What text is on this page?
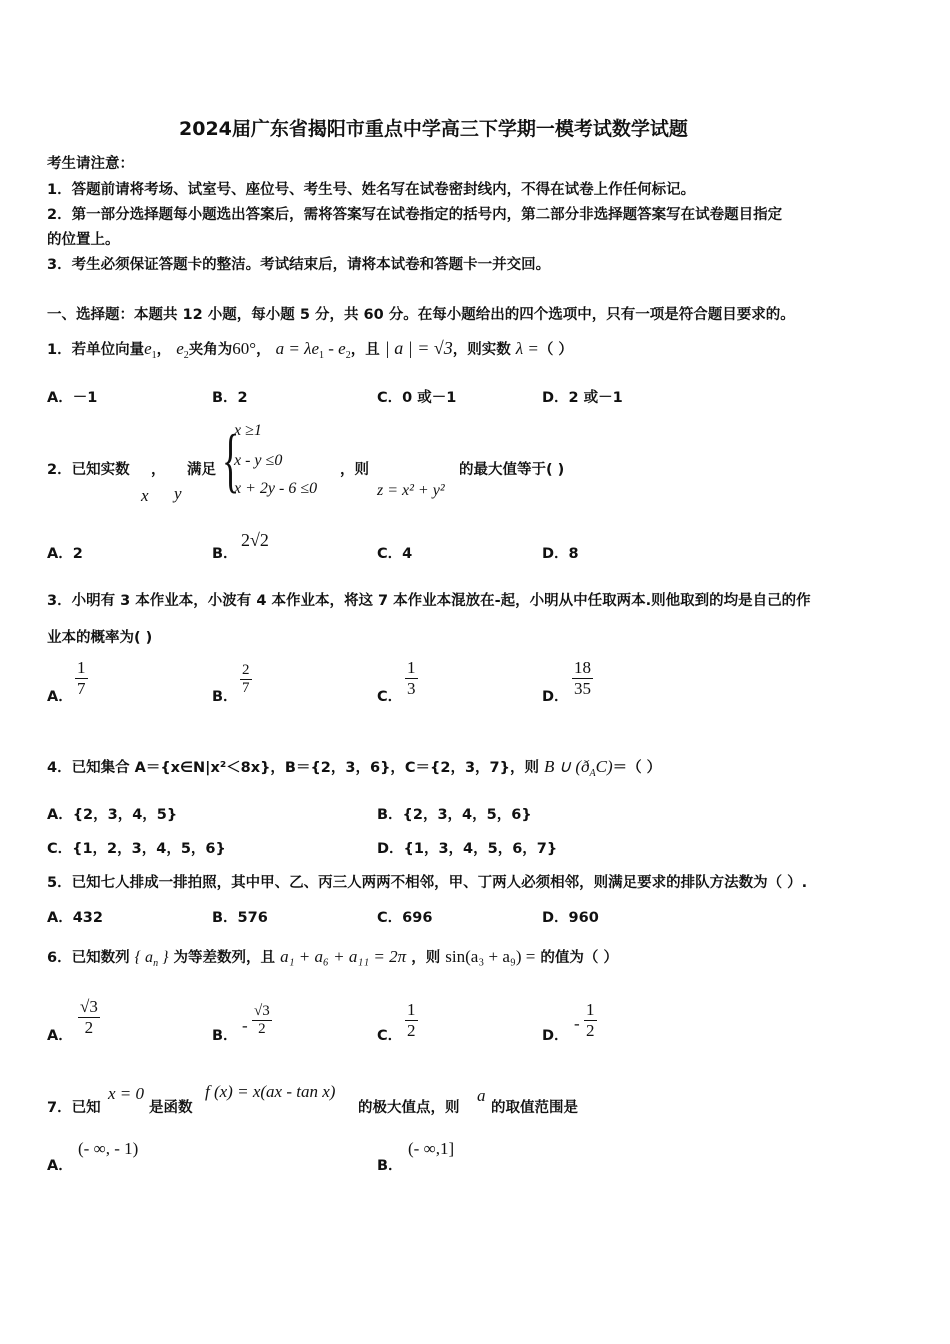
2024届广东省揭阳市重点中学高三下学期一模考试数学试题
考生请注意：
1．答题前请将考场、试室号、座位号、考生号、姓名写在试卷密封线内，不得在试卷上作任何标记。
2．第一部分选择题每小题选出答案后，需将答案写在试卷指定的括号内，第二部分非选择题答案写在试卷题目指定
的位置上。
3．考生必须保证答题卡的整洁。考试结束后，请将本试卷和答题卡一并交回。
一、选择题：本题共 12 小题，每小题 5 分，共 60 分。在每小题给出的四个选项中，只有一项是符合题目要求的。
1．若单位向量$e_1$， $e_2$夹角为60°， $a = \lambda e_1 - e_2$，且 | a | = √3，则实数 λ =（ ）
A．－1	B．2	C．0 或－1	D．2 或－1
2．已知实数 ， 满足
x y {
x ≥1
x - y ≤0
x + 2y - 6 ≤0
，则
z = x² + y²
的最大值等于( )
A．2	B．
2√2
C．4	D．8
3．小明有 3 本作业本，小波有 4 本作业本，将这 7 本作业本混放在-起，小明从中任取两本.则他取到的均是自己的作
业本的概率为( )
A．
1
7	B．
2
7
C．
1
3	D．
18
35
4．已知集合 A＝{x∈N|x²＜8x}，B＝{2，3，6}，C＝{2，3，7}，则 B ∪ $(ð_AC)=$（ ）
A．{2，3，4，5}	B．{2，3，4，5，6}
C．{1，2，3，4，5，6}	D．{1，3，4，5，6，7}
5．已知七人排成一排拍照，其中甲、乙、丙三人两两不相邻，甲、丁两人必须相邻，则满足要求的排队方法数为（ ）.
A．432	B．576	C．696	D．960
6．已知数列 { $a_n$ } 为等差数列，且 a₁ + a₆ + a₁₁ = 2π ，则 sin(a₃ + a₉) = 的值为（ ）
A．
√3
2	B．
-
√3
2	C．
1
2	D．
-
1
2
7．已知
x = 0
是函数
f (x) = x(ax - tan x)
的极大值点，则
a
的取值范围是
A．
(- ∞, - 1)
B．
(- ∞,1]
